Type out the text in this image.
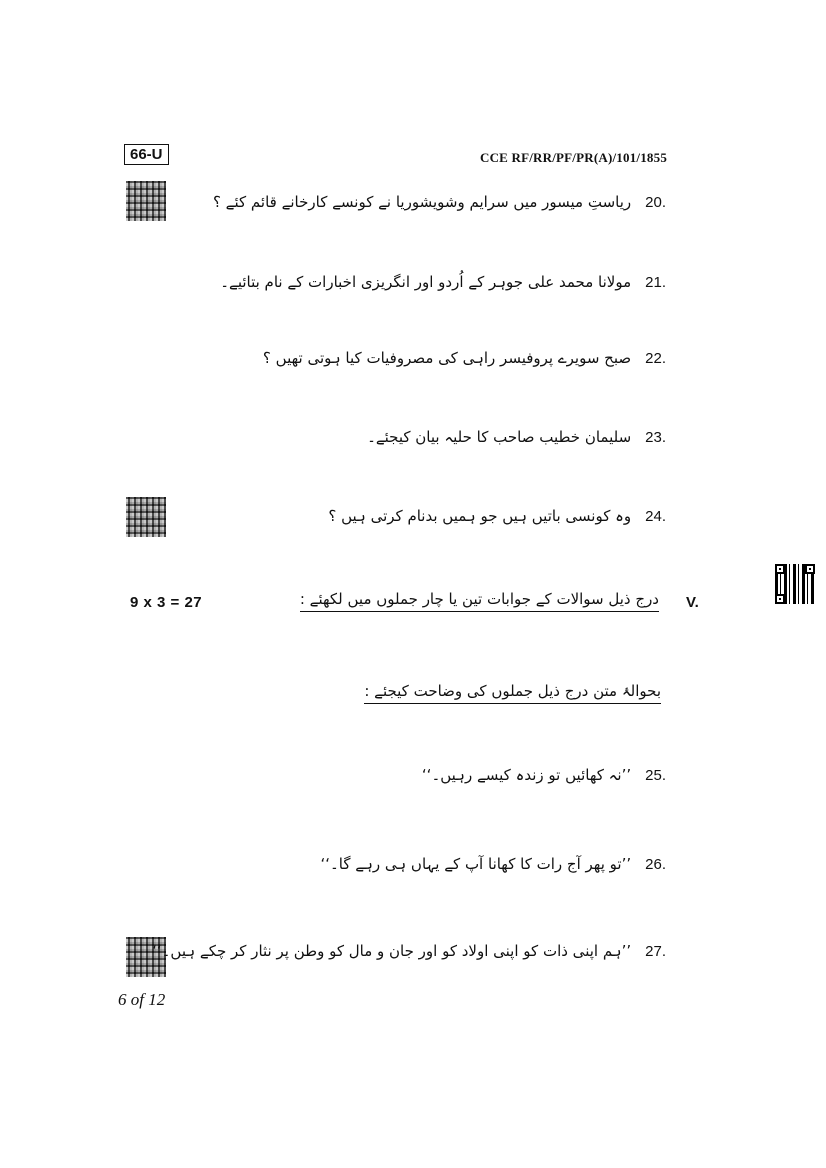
66-U	CCE RF/RR/PF/PR(A)/101/1855
20.ریاستِ میسور میں سرایم وشویشوریا نے کونسے کارخانے قائم کئے ؟
21.مولانا محمد علی جوہر کے اُردو اور انگریزی اخبارات کے نام بتائیے۔
22.صبح سویرے پروفیسر راہی کی مصروفیات کیا ہوتی تھیں ؟
23.سلیمان خطیب صاحب کا حلیہ بیان کیجئے۔
24.وہ کونسی باتیں ہیں جو ہمیں بدنام کرتی ہیں ؟
V.
درج ذیل سوالات کے جوابات تین یا چار جملوں میں لکھئے :
9 x 3 = 27
بحوالۂ متن درج ذیل جملوں کی وضاحت کیجئے :
25.’’نہ کھائیں تو زندہ کیسے رہیں۔‘‘
26.’’تو پھر آج رات کا کھانا آپ کے یہاں ہی رہے گا۔‘‘
27.’’ہم اپنی ذات کو اپنی اولاد کو اور جان و مال کو وطن پر نثار کر چکے ہیں۔‘‘
6 of 12
